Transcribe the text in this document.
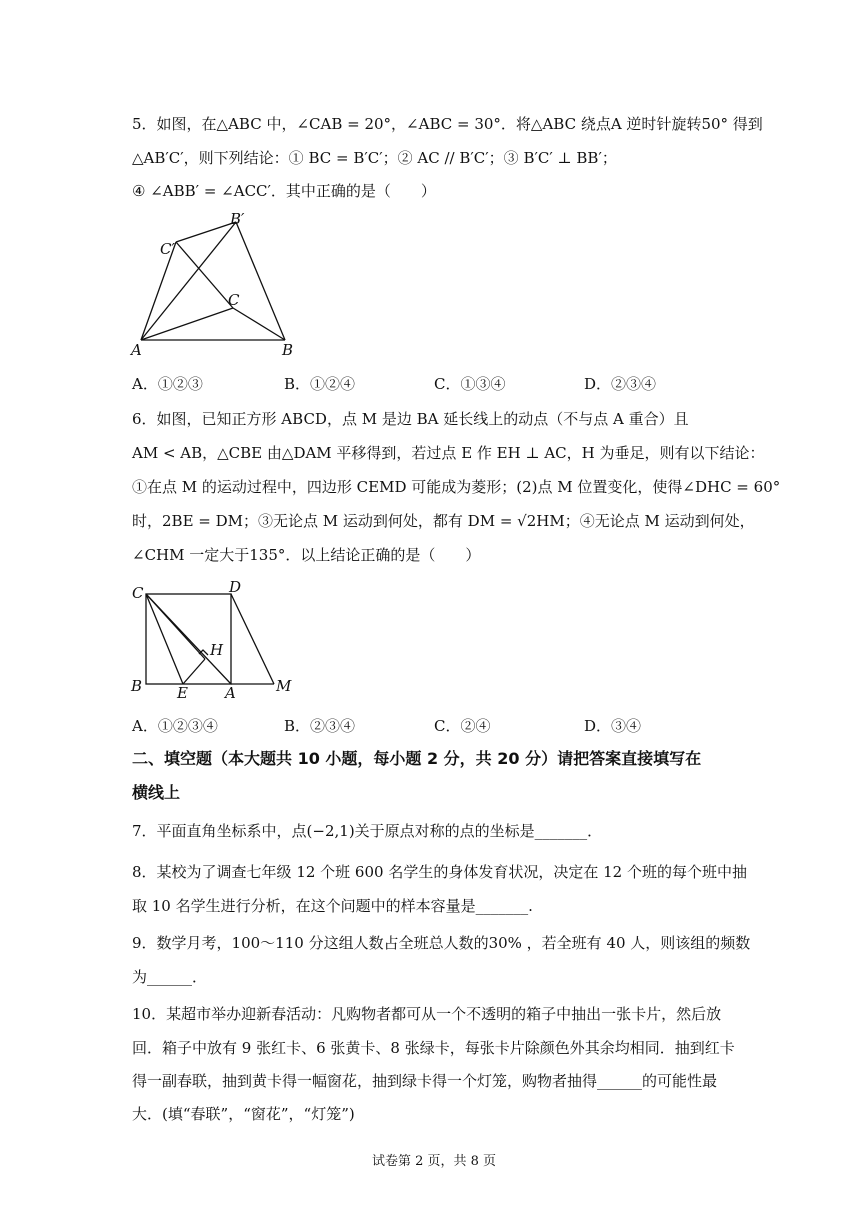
5．如图，在△ABC 中，∠CAB = 20°，∠ABC = 30°．将△ABC 绕点A 逆时针旋转50° 得到
△AB′C′，则下列结论：① BC = B′C′；② AC // B′C′；③ B′C′ ⊥ BB′；
④ ∠ABB′ = ∠ACC′．其中正确的是（　　）
A	B
C
B′
C′
A．①②③	B．①②④	C．①③④	D．②③④
6．如图，已知正方形 ABCD，点 M 是边 BA 延长线上的动点（不与点 A 重合）且
AM < AB，△CBE 由△DAM 平移得到，若过点 E 作 EH ⊥ AC，H 为垂足，则有以下结论：
①在点 M 的运动过程中，四边形 CEMD 可能成为菱形；(2)点 M 位置变化，使得∠DHC = 60°
时，2BE = DM；③无论点 M 运动到何处，都有 DM = √2HM；④无论点 M 运动到何处，
∠CHM 一定大于135°．以上结论正确的是（　　）
C	D
B E A	M
H
A．①②③④	B．②③④	C．②④	D．③④
二、填空题（本大题共 10 小题，每小题 2 分，共 20 分）请把答案直接填写在
横线上
7．平面直角坐标系中，点(−2,1)关于原点对称的点的坐标是_______．
8．某校为了调查七年级 12 个班 600 名学生的身体发育状况，决定在 12 个班的每个班中抽
取 10 名学生进行分析，在这个问题中的样本容量是_______.
9．数学月考，100～110 分这组人数占全班总人数的30% ，若全班有 40 人，则该组的频数
为______．
10．某超市举办迎新春活动：凡购物者都可从一个不透明的箱子中抽出一张卡片，然后放
回．箱子中放有 9 张红卡、6 张黄卡、8 张绿卡，每张卡片除颜色外其余均相同．抽到红卡
得一副春联，抽到黄卡得一幅窗花，抽到绿卡得一个灯笼，购物者抽得______的可能性最
大．(填“春联”，“窗花”，“灯笼”)
试卷第 2 页，共 8 页
